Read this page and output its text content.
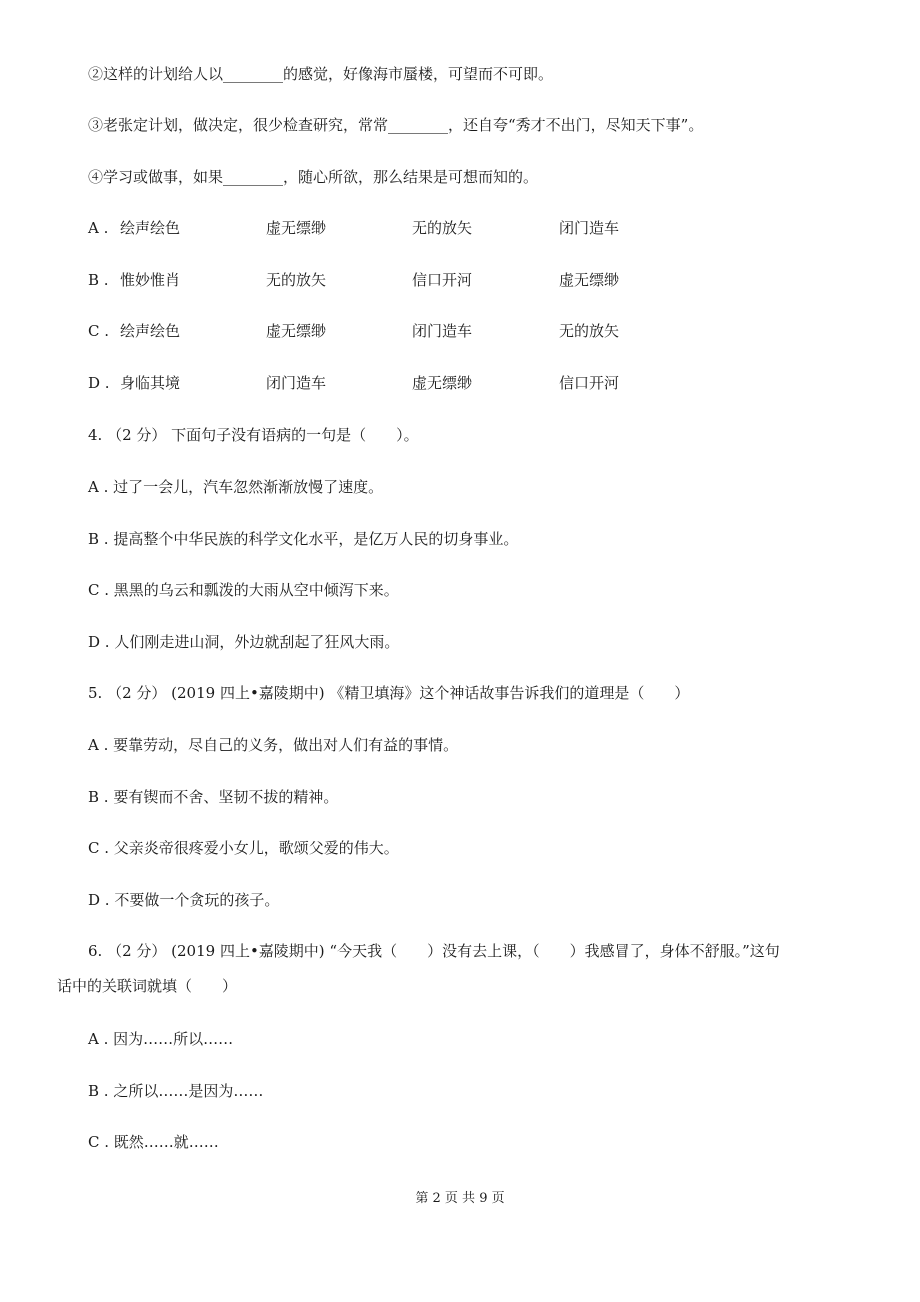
②这样的计划给人以________的感觉，好像海市蜃楼，可望而不可即。
③老张定计划，做决定，很少检查研究，常常________，还自夸“秀才不出门，尽知天下事”。
④学习或做事，如果________，随心所欲，那么结果是可想而知的。
A . 绘声绘色	虚无缥缈	无的放矢	闭门造车
B . 惟妙惟肖	无的放矢	信口开河	虚无缥缈
C . 绘声绘色	虚无缥缈	闭门造车	无的放矢
D . 身临其境	闭门造车	虚无缥缈	信口开河
4. （2 分） 下面句子没有语病的一句是（　　）。
A . 过了一会儿，汽车忽然渐渐放慢了速度。
B . 提高整个中华民族的科学文化水平，是亿万人民的切身事业。
C . 黑黑的乌云和瓢泼的大雨从空中倾泻下来。
D . 人们刚走进山洞，外边就刮起了狂风大雨。
5. （2 分） (2019 四上•嘉陵期中) 《精卫填海》这个神话故事告诉我们的道理是（　　）
A . 要靠劳动，尽自己的义务，做出对人们有益的事情。
B . 要有锲而不舍、坚韧不拔的精神。
C . 父亲炎帝很疼爱小女儿，歌颂父爱的伟大。
D . 不要做一个贪玩的孩子。
6. （2 分） (2019 四上•嘉陵期中) “今天我（　　）没有去上课，（　　）我感冒了，身体不舒服。”这句
话中的关联词就填（　　）
A . 因为……所以……
B . 之所以……是因为……
C . 既然……就……
第 2 页 共 9 页
